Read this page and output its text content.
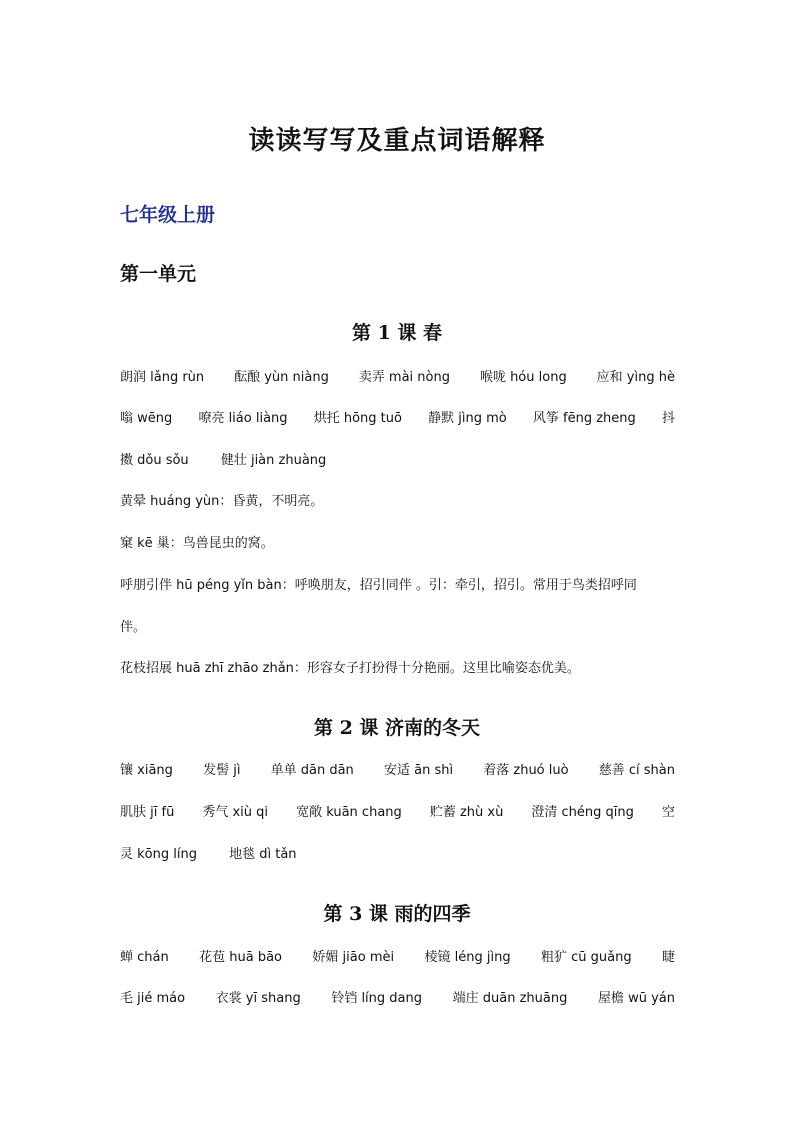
读读写写及重点词语解释
七年级上册
第一单元
第 1 课 春
朗润 lǎng rùn 酝酿 yùn niàng 卖弄 mài nòng 喉咙 hóu long 应和 yìng hè
嗡 wēng 嘹亮 liáo liàng 烘托 hōng tuō 静默 jìng mò 风筝 fēng zheng 抖
擞 dǒu sǒu 健壮 jiàn zhuàng
黄晕 huáng yùn：昏黄，不明亮。
窠 kē 巢：鸟兽昆虫的窝。
呼朋引伴 hū péng yǐn bàn：呼唤朋友，招引同伴 。引：牵引，招引。常用于鸟类招呼同
伴。
花枝招展 huā zhī zhāo zhǎn：形容女子打扮得十分艳丽。这里比喻姿态优美。
第 2 课 济南的冬天
镶 xiāng 发髻 jì 单单 dān dān 安适 ān shì 着落 zhuó luò 慈善 cí shàn
肌肤 jī fū 秀气 xiù qi 宽敞 kuān chang 贮蓄 zhù xù 澄清 chéng qīng 空
灵 kōng líng 地毯 dì tǎn
第 3 课 雨的四季
蝉 chán 花苞 huā bāo 娇媚 jiāo mèi 棱镜 léng jìng 粗犷 cū guǎng 睫
毛 jié máo 衣裳 yī shang 铃铛 líng dang 端庄 duān zhuāng 屋檐 wū yán
